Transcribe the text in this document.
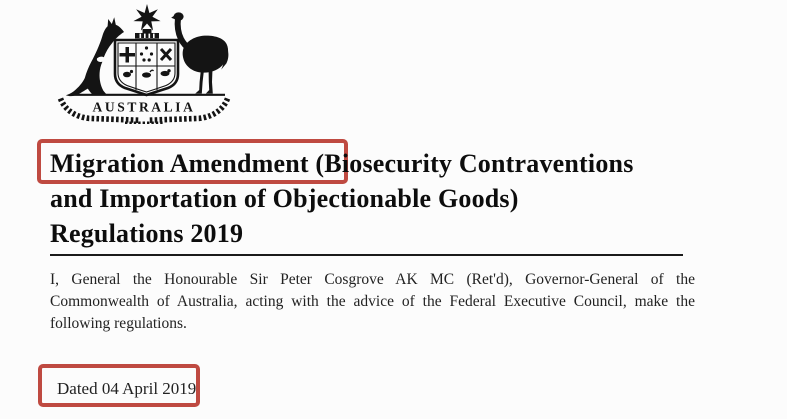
AUSTRALIA
Migration Amendment (Biosecurity Contraventions
and Importation of Objectionable Goods)
Regulations 2019
I, General the Honourable Sir Peter Cosgrove AK MC (Ret'd), Governor-General of the
Commonwealth of Australia, acting with the advice of the Federal Executive Council, make the
following regulations.
Dated 04 April 2019
